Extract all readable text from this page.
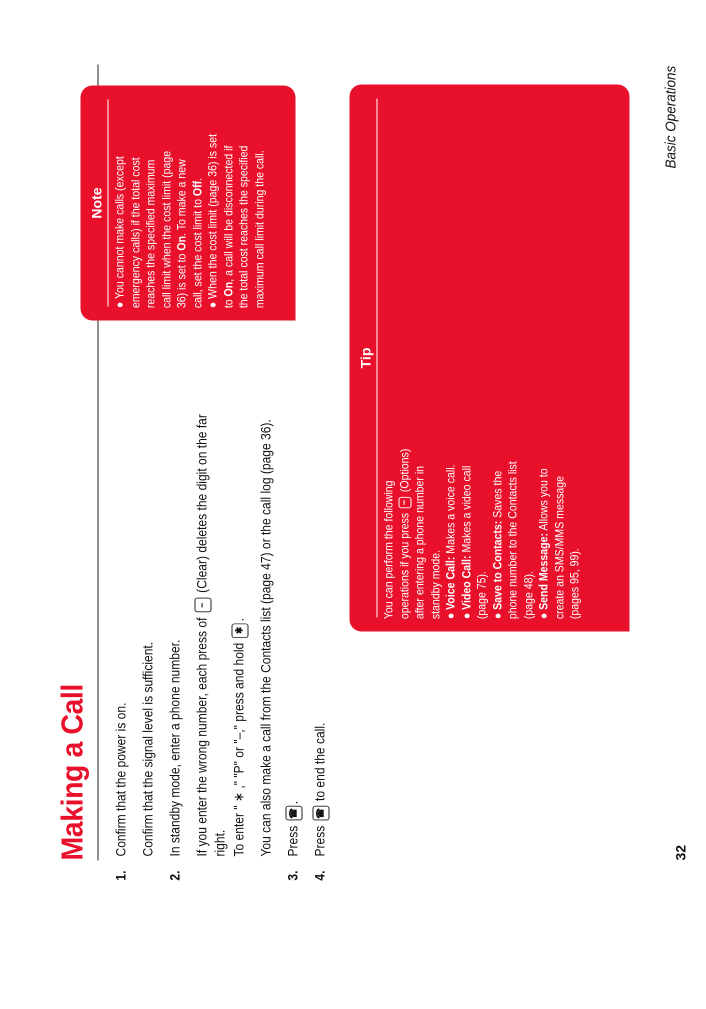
Making a Call
1.
Confirm that the power is on. Confirm that the signal level is sufficient.
2.
In standby mode, enter a phone number. If you enter the wrong number, each press of − (Clear) deletes the digit on the far
right. To enter " ∗ ," "P" or "–," press and hold ✱. You can also make a call from the Contacts list (page 47) or the call log (page 36).
3.
Press ☎.
4.
Press ☎ to end the call.
Note ● You cannot make calls (except emergency calls) if the total cost reaches the specified maximum call limit when the cost limit (page 36) is set to On. To make a new call, set the cost limit to Off. ● When the cost limit (page 36) is set to On, a call will be disconnected if the total cost reaches the specified maximum call limit during the call.
Tip
You can perform the following operations if you press − (Options) after entering a phone number in standby mode. ● Voice Call: Makes a voice call.
● Video Call: Makes a video call
(page 75). ● Save to Contacts: Saves the phone number to the Contacts list (page 48). ● Send Message: Allows you to create an SMS/MMS message (pages 95, 99).
32
Basic Operations
